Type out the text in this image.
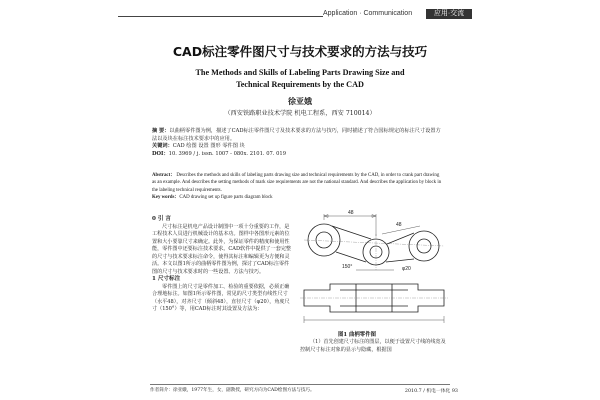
Application · Communication	应用·交流
CAD标注零件图尺寸与技术要求的方法与技巧
The Methods and Skills of Labeling Parts Drawing Size and
Technical Requirements by the CAD
徐亚娥
（西安铁路职业技术学院 机电工程系，西安 710014）
摘 要：以曲柄零件图为例，描述了CAD标注零件图尺寸及技术要求的方法与技巧，同时描述了符合国标规定的标注尺寸设置方法以及块在标注技术要求中的应用。
关键词：CAD 绘图 设置 图形 零件图 块
DOI：10. 3969 / j. issn. 1007 - 080x. 2101. 07. 019
Abstract： Describes the methods and skills of labeling parts drawing size and technical requirements by the CAD, in order to crank part drawing as an example. And describes the setting methods of mark size requirements are not the national standard. And describes the application by block in the labeling technical requirements.
Key words：CAD drawing set up figure parts diagram block
0 引 言

尺寸标注是机电产品设计制图中一项十分重要的工作，是工程技术人员进行机械设计的基本功。图样中各图形元素的位置和大小要靠尺寸来确定。此外，为保证零件的精度和使用性能，零件图中还要标注技术要求。CAD软件中提供了一套完整的尺寸与技术要求标注命令，使得其标注和编辑更为方便和灵活。本文以图1所示的曲柄零件图为例，探讨了CAD标注零件图的尺寸与技术要求时的一些设置、方法与技巧。

1 尺寸标注

零件图上的尺寸是零件加工、检验的重要依据，必须正确合理地标注。如图1所示零件图，常见的尺寸类型有线性尺寸（水平48），对齐尺寸（倾斜48），直径尺寸（φ20），角度尺寸（150°）等，用CAD标注时其设置及方法为：

48
48
φ20
150°
图1 曲柄零件图

（1）首先创建尺寸标注的图层，以便于设置尺寸线的线宽及控制尺寸标注对象的显示与隐藏，根据国

作者简介：徐亚娥，1977年生，女，副教授，研究方向为CAD绘图方法与技巧。	2010.7 / 机电一体化 93
